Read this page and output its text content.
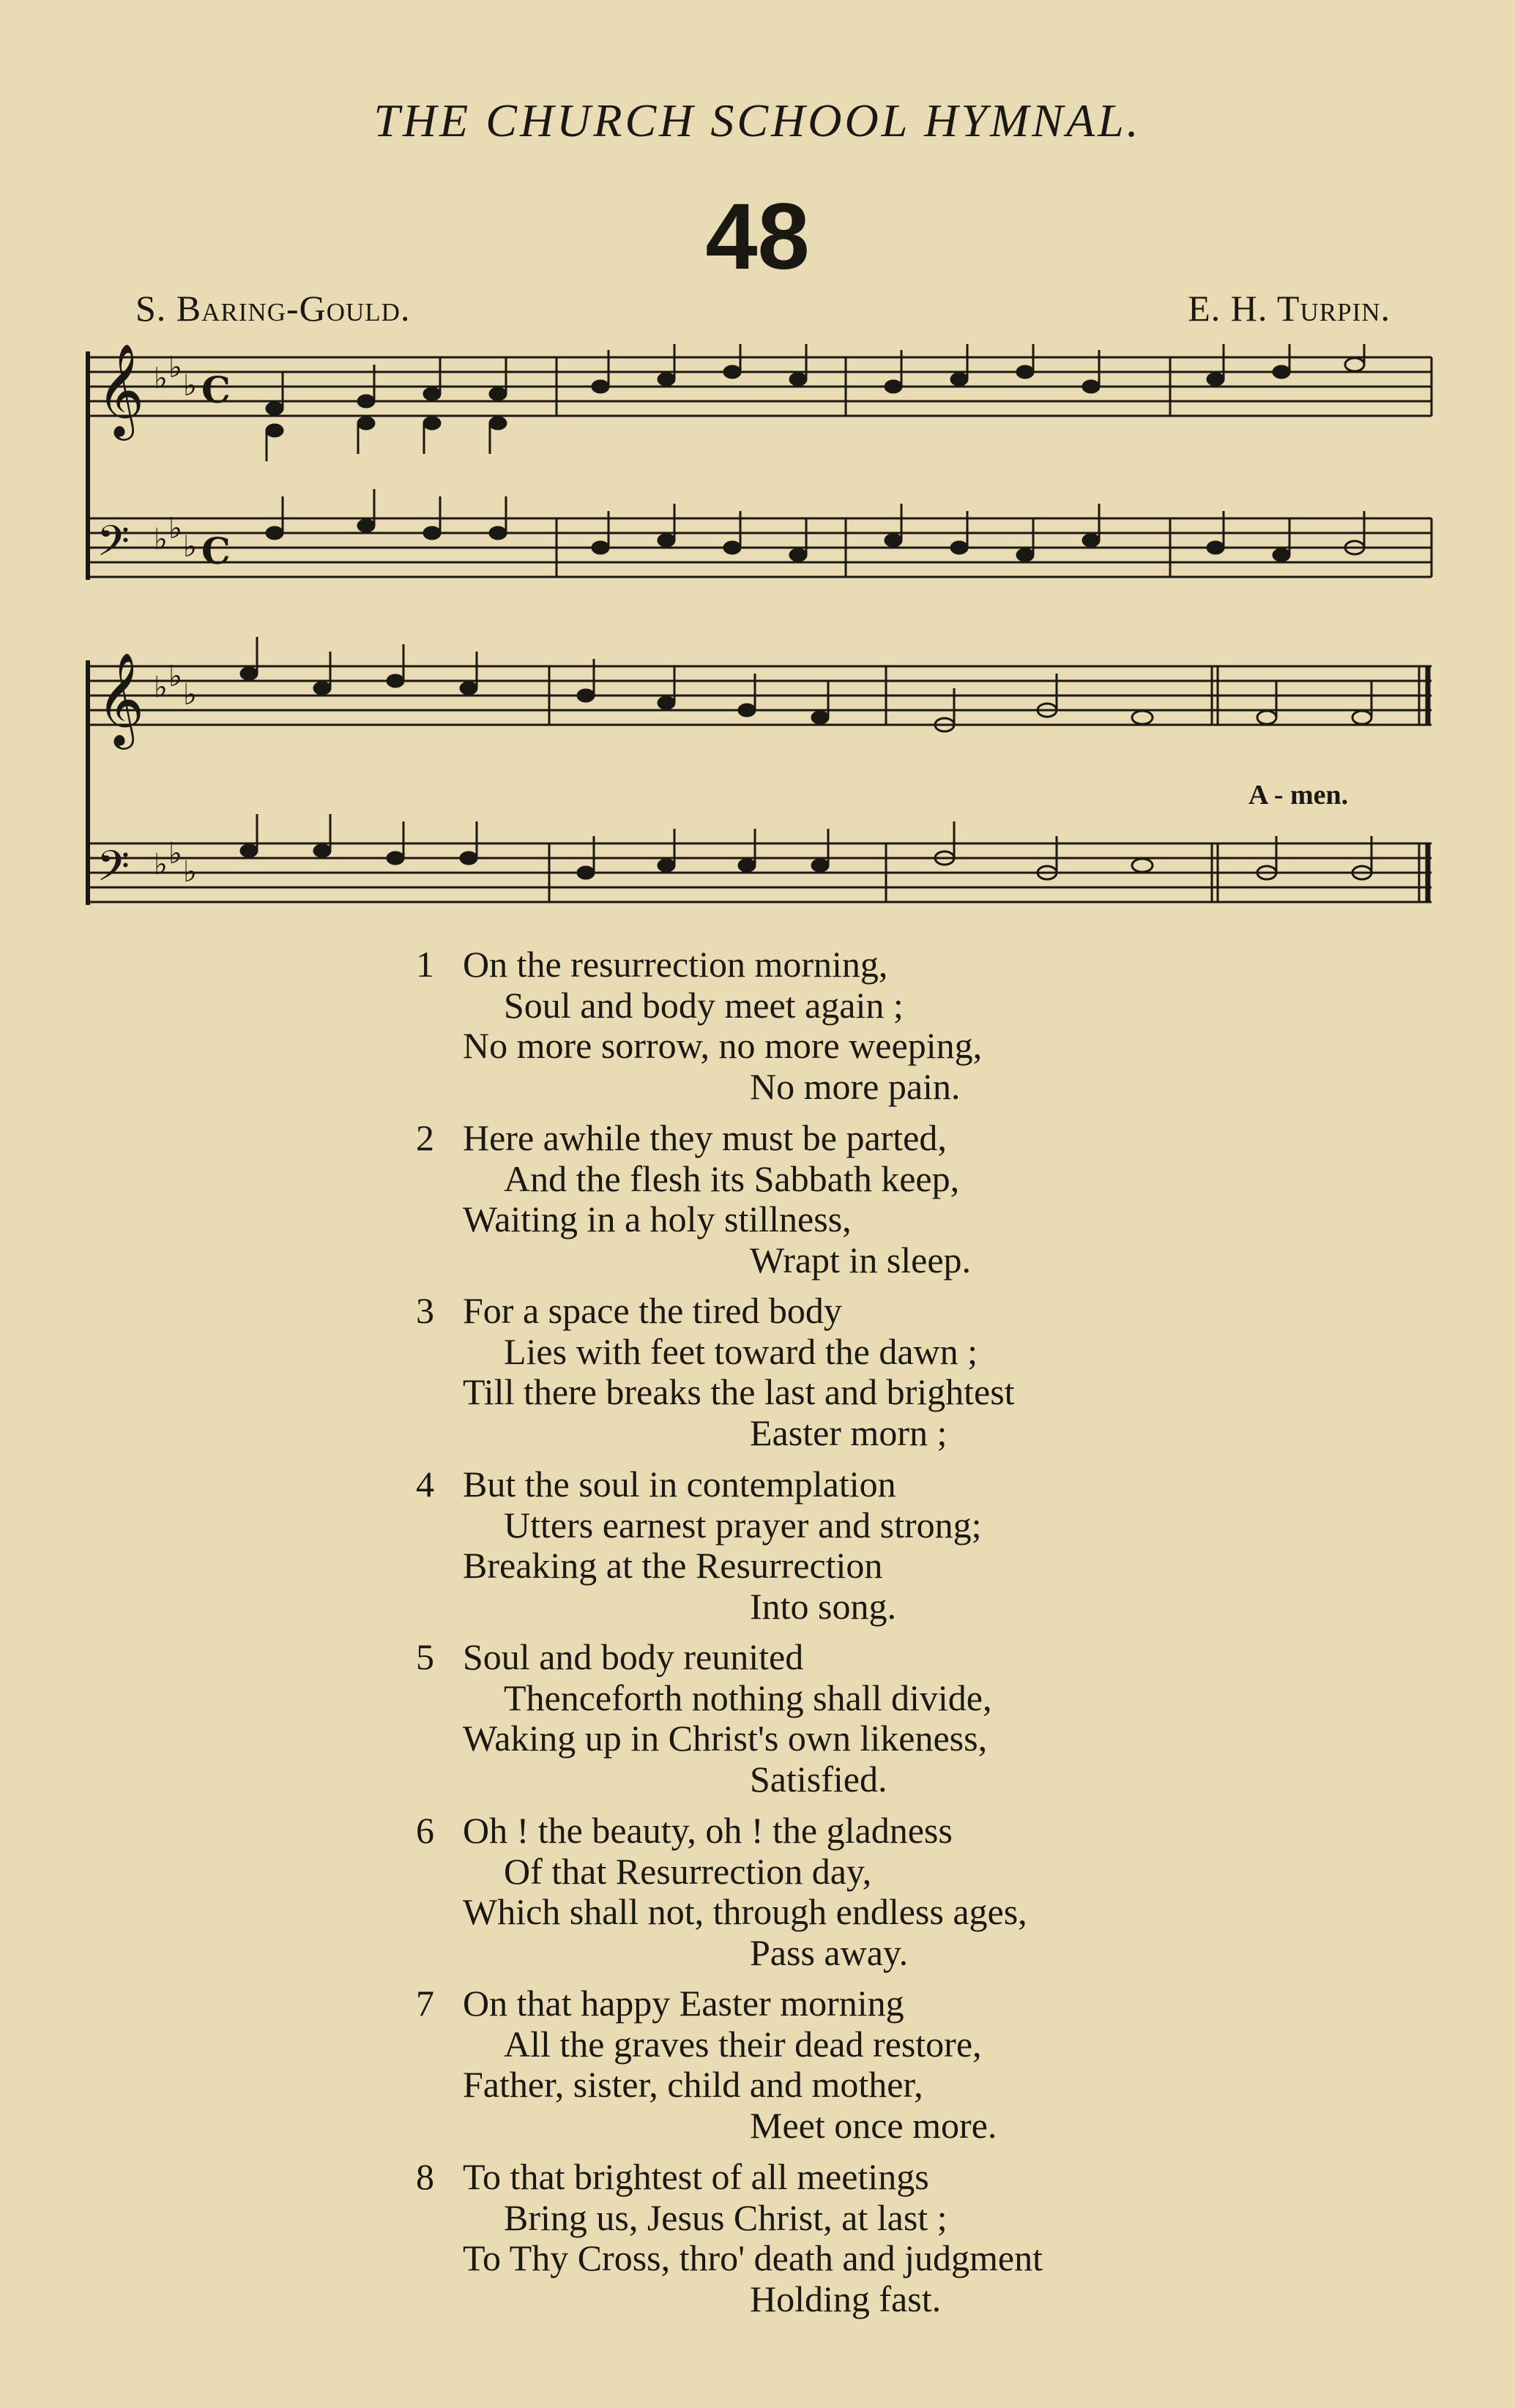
THE CHURCH SCHOOL HYMNAL.
48
S. Baring-Gould.	E. H. Turpin.
𝄞
𝄢
♭ ♭
♭
♭ ♭
♭
C
C
𝄞
𝄢
♭ ♭
♭
♭ ♭
♭
A - men.
1 On the resurrection morning,
Soul and body meet again ;
No more sorrow, no more weeping,
No more pain.
2 Here awhile they must be parted,
And the flesh its Sabbath keep,
Waiting in a holy stillness,
Wrapt in sleep.
3 For a space the tired body
Lies with feet toward the dawn ;
Till there breaks the last and brightest
Easter morn ;
4 But the soul in contemplation
Utters earnest prayer and strong;
Breaking at the Resurrection
Into song.
5 Soul and body reunited
Thenceforth nothing shall divide,
Waking up in Christ's own likeness,
Satisfied.
6 Oh ! the beauty, oh ! the gladness
Of that Resurrection day,
Which shall not, through endless ages,
Pass away.
7 On that happy Easter morning
All the graves their dead restore,
Father, sister, child and mother,
Meet once more.
8 To that brightest of all meetings
Bring us, Jesus Christ, at last ;
To Thy Cross, thro' death and judgment
Holding fast.
